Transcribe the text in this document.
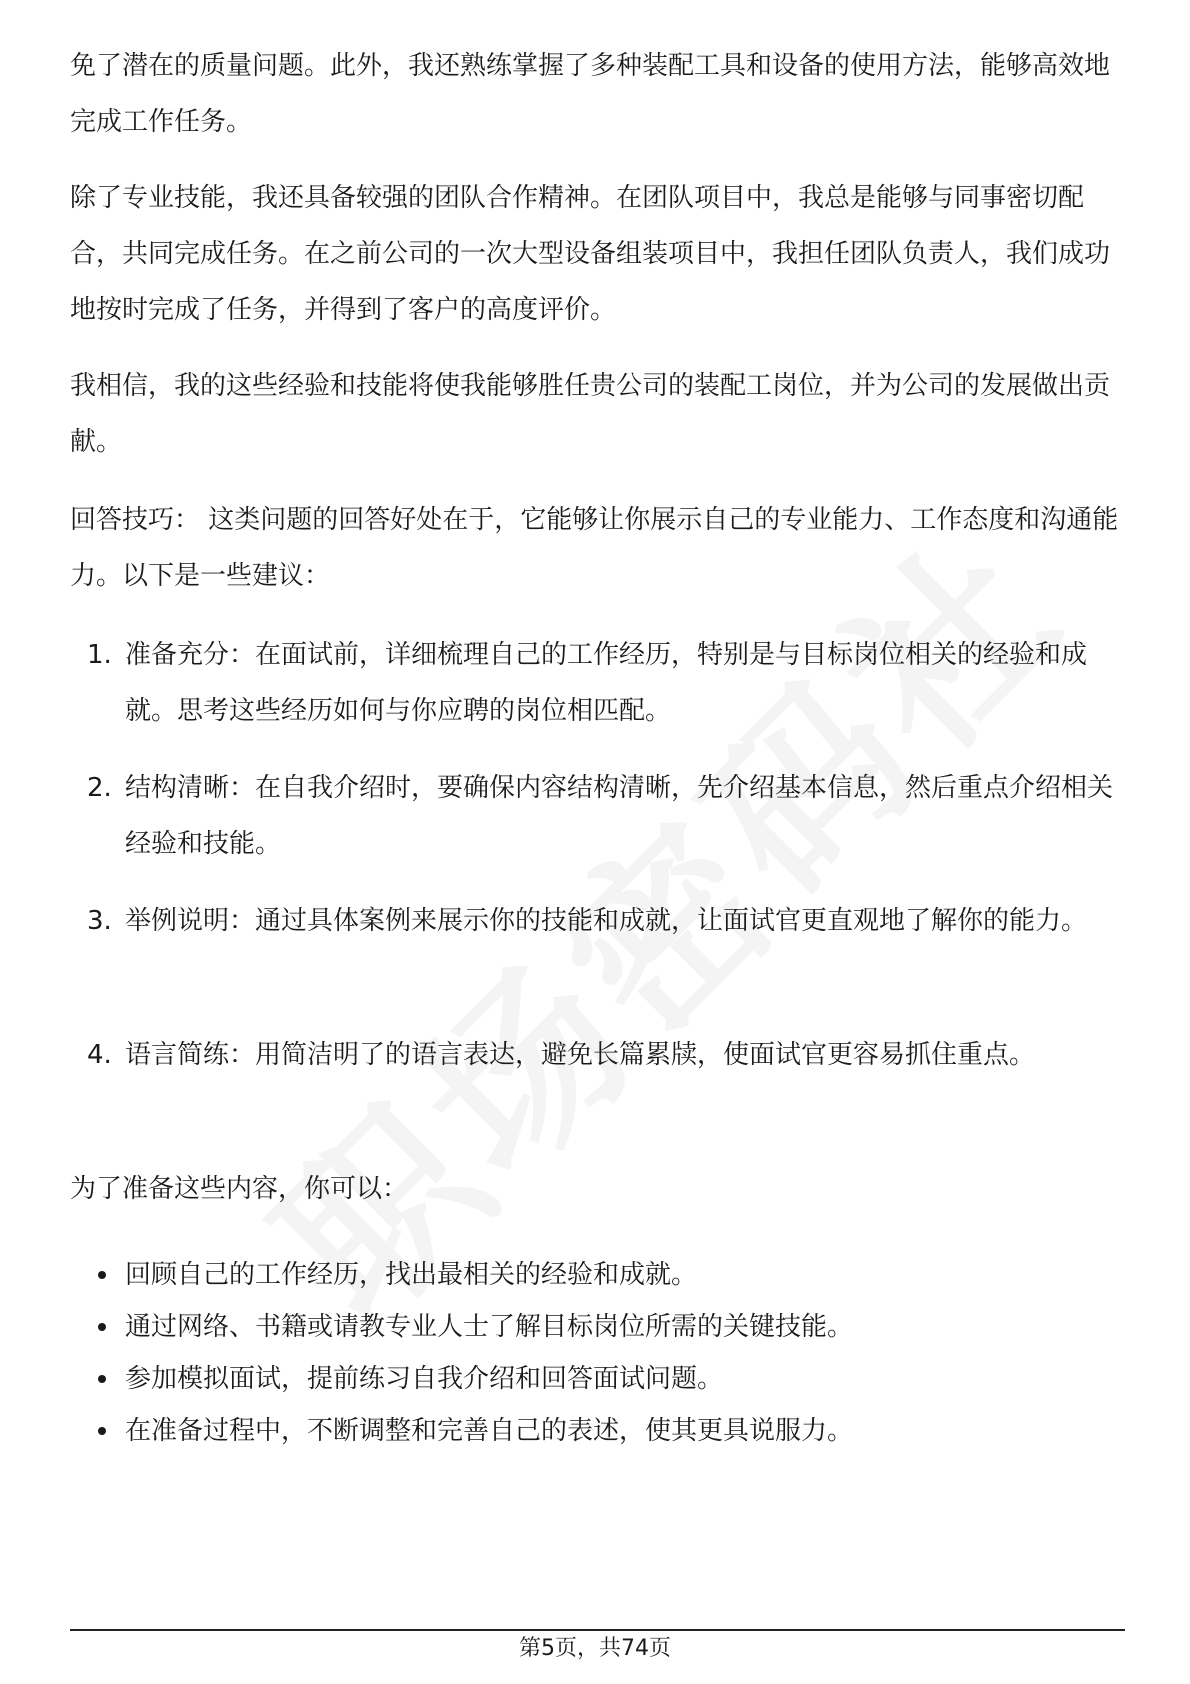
免了潜在的质量问题。此外，我还熟练掌握了多种装配工具和设备的使用方法，能够高效地完成工作任务。

除了专业技能，我还具备较强的团队合作精神。在团队项目中，我总是能够与同事密切配合，共同完成任务。在之前公司的一次大型设备组装项目中，我担任团队负责人，我们成功地按时完成了任务，并得到了客户的高度评价。

我相信，我的这些经验和技能将使我能够胜任贵公司的装配工岗位，并为公司的发展做出贡献。

回答技巧： 这类问题的回答好处在于，它能够让你展示自己的专业能力、工作态度和沟通能力。以下是一些建议：

1. 准备充分：在面试前，详细梳理自己的工作经历，特别是与目标岗位相关的经验和成就。思考这些经历如何与你应聘的岗位相匹配。
2. 结构清晰：在自我介绍时，要确保内容结构清晰，先介绍基本信息，然后重点介绍相关经验和技能。
3. 举例说明：通过具体案例来展示你的技能和成就，让面试官更直观地了解你的能力。
4. 语言简练：用简洁明了的语言表达，避免长篇累牍，使面试官更容易抓住重点。

为了准备这些内容，你可以：

回顾自己的工作经历，找出最相关的经验和成就。
通过网络、书籍或请教专业人士了解目标岗位所需的关键技能。
参加模拟面试，提前练习自我介绍和回答面试问题。
在准备过程中，不断调整和完善自己的表述，使其更具说服力。
第5页，共74页
